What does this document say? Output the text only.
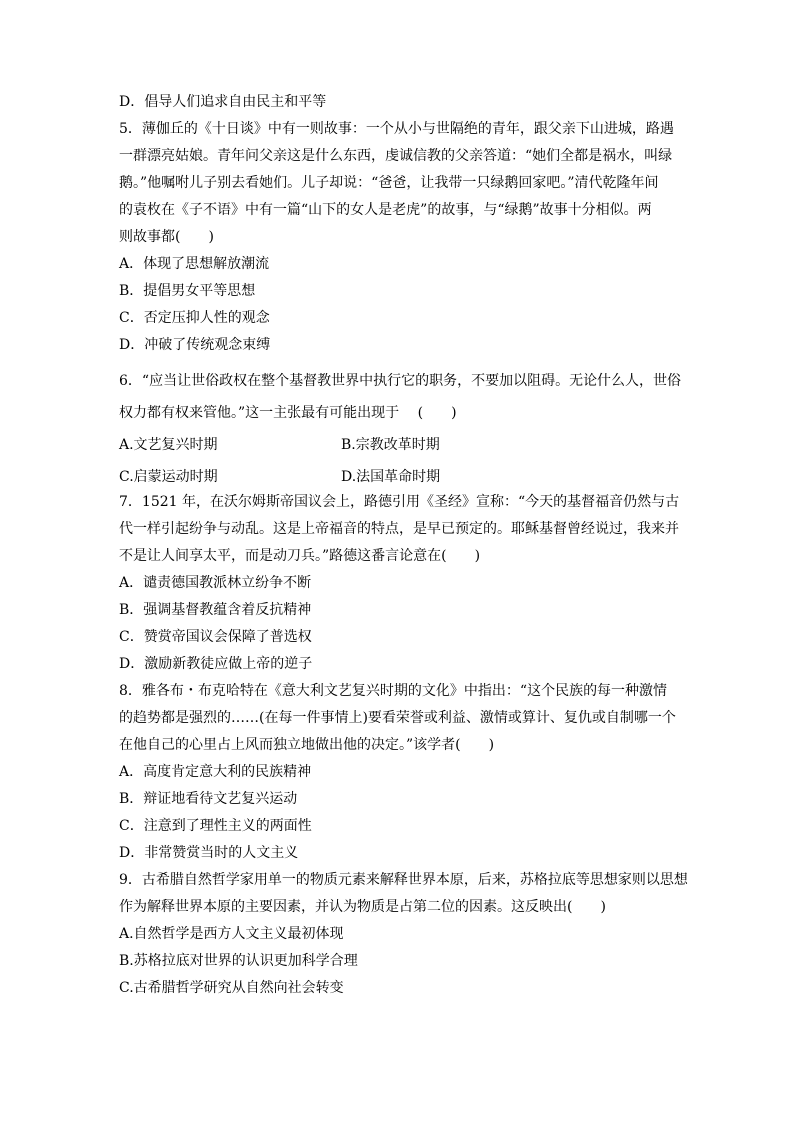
D．倡导人们追求自由民主和平等

5．薄伽丘的《十日谈》中有一则故事：一个从小与世隔绝的青年，跟父亲下山进城，路遇

一群漂亮姑娘。青年问父亲这是什么东西，虔诚信教的父亲答道：“她们全都是祸水，叫绿

鹅。”他嘱咐儿子别去看她们。儿子却说：“爸爸，让我带一只绿鹅回家吧。”清代乾隆年间

的袁枚在《子不语》中有一篇“山下的女人是老虎”的故事，与“绿鹅”故事十分相似。两

则故事都(　　)

A．体现了思想解放潮流

B．提倡男女平等思想

C．否定压抑人性的观念

D．冲破了传统观念束缚

6．“应当让世俗政权在整个基督教世界中执行它的职务，不要加以阻碍。无论什么人，世俗

权力都有权来管他。”这一主张最有可能出现于　 (　　)

A.文艺复兴时期	B.宗教改革时期

C.启蒙运动时期	D.法国革命时期

7．1521 年，在沃尔姆斯帝国议会上，路德引用《圣经》宣称：“今天的基督福音仍然与古

代一样引起纷争与动乱。这是上帝福音的特点，是早已预定的。耶稣基督曾经说过，我来并

不是让人间享太平，而是动刀兵。”路德这番言论意在(　　)

A．谴责德国教派林立纷争不断

B．强调基督教蕴含着反抗精神

C．赞赏帝国议会保障了普选权

D．激励新教徒应做上帝的逆子

8．雅各布・布克哈特在《意大利文艺复兴时期的文化》中指出：“这个民族的每一种激情

的趋势都是强烈的……(在每一件事情上)要看荣誉或利益、激情或算计、复仇或自制哪一个

在他自己的心里占上风而独立地做出他的决定。”该学者(　　)

A．高度肯定意大利的民族精神

B．辩证地看待文艺复兴运动

C．注意到了理性主义的两面性

D．非常赞赏当时的人文主义

9．古希腊自然哲学家用单一的物质元素来解释世界本原，后来，苏格拉底等思想家则以思想

作为解释世界本原的主要因素，并认为物质是占第二位的因素。这反映出(　　)

A.自然哲学是西方人文主义最初体现

B.苏格拉底对世界的认识更加科学合理

C.古希腊哲学研究从自然向社会转变
